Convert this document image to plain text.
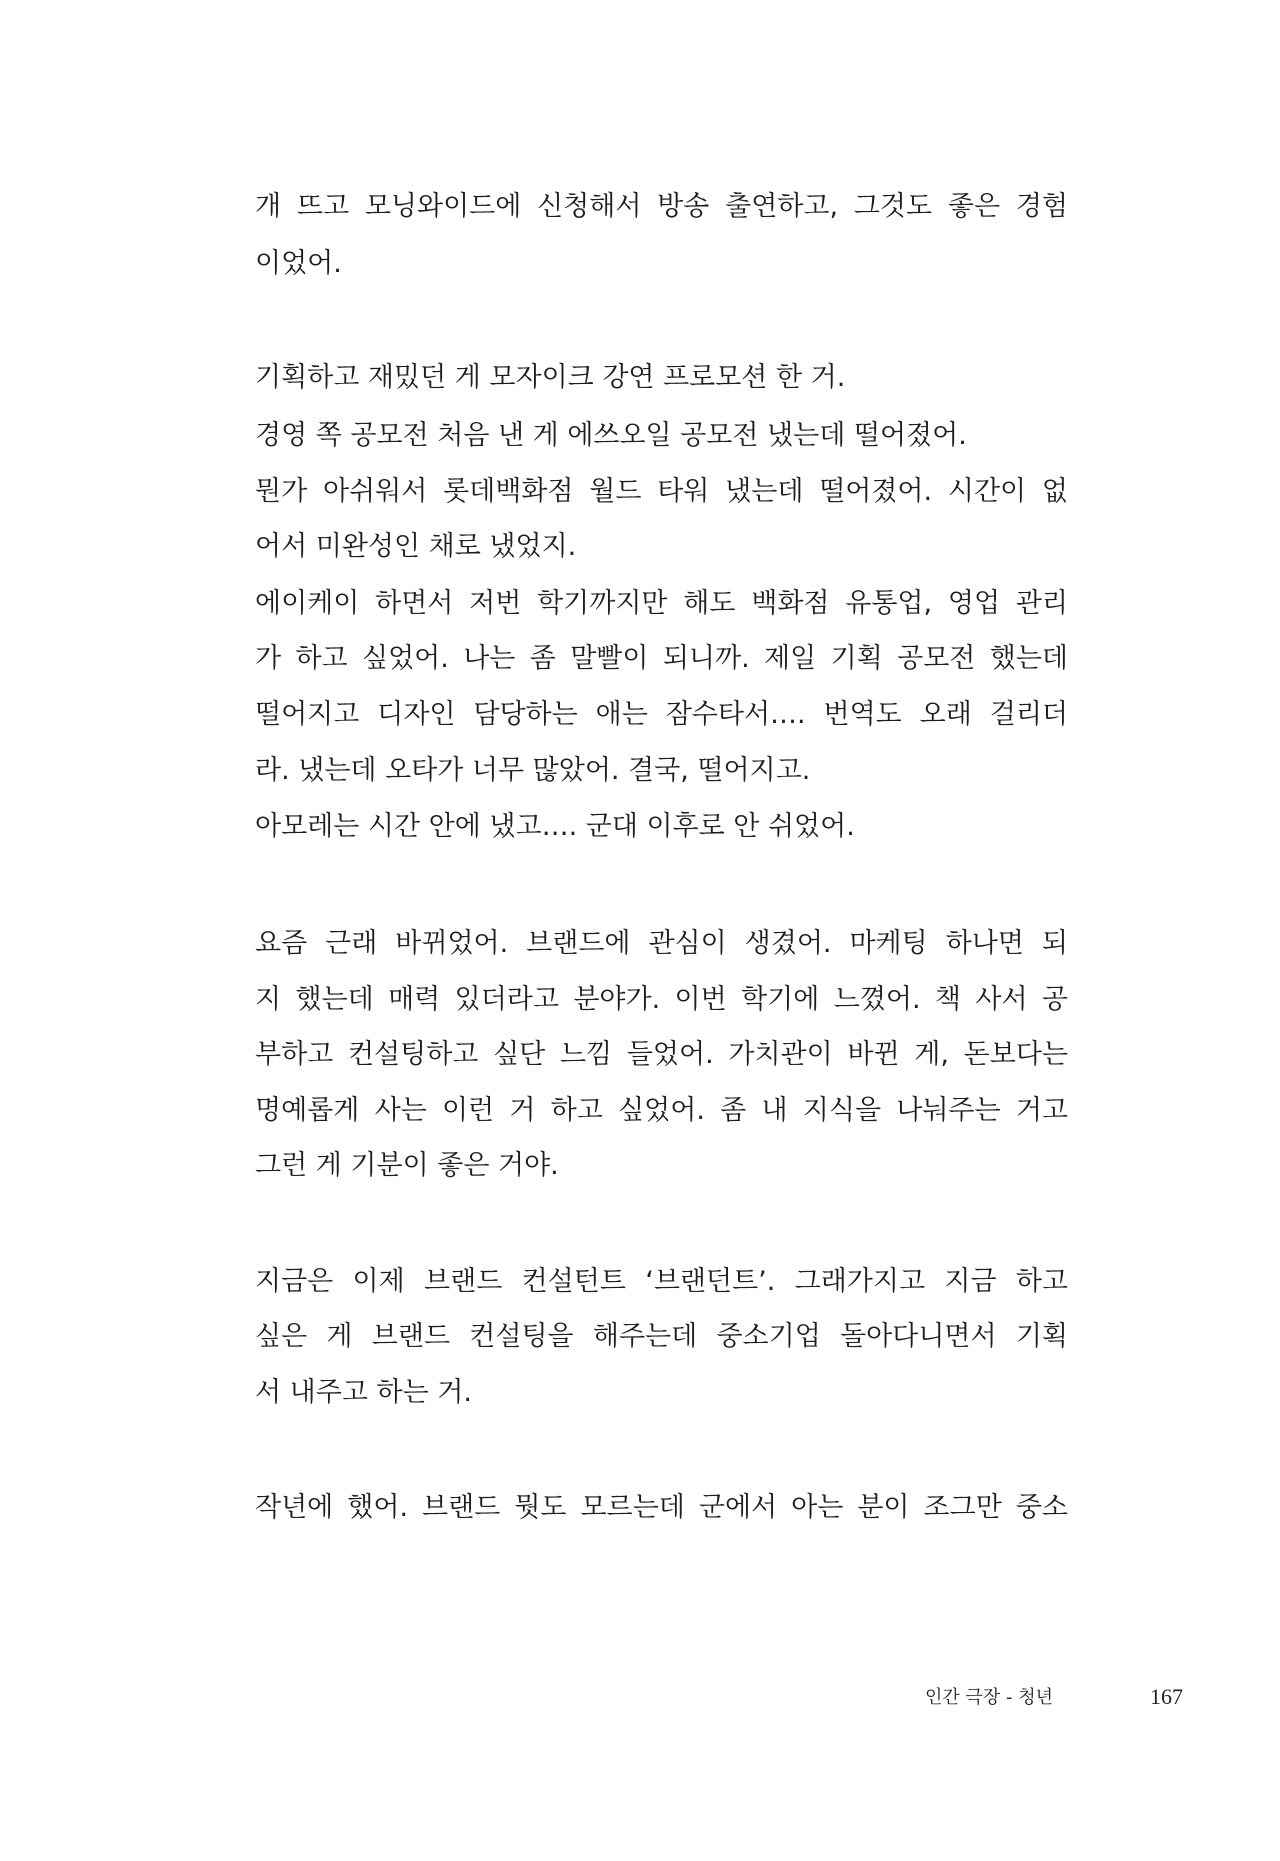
개 뜨고 모닝와이드에 신청해서 방송 출연하고, 그것도 좋은 경험
이었어.
기획하고 재밌던 게 모자이크 강연 프로모션 한 거.
경영 쪽 공모전 처음 낸 게 에쓰오일 공모전 냈는데 떨어졌어.
뭔가 아쉬워서 롯데백화점 월드 타워 냈는데 떨어졌어. 시간이 없
어서 미완성인 채로 냈었지.
에이케이 하면서 저번 학기까지만 해도 백화점 유통업, 영업 관리
가 하고 싶었어. 나는 좀 말빨이 되니까. 제일 기획 공모전 했는데
떨어지고 디자인 담당하는 애는 잠수타서…. 번역도 오래 걸리더
라. 냈는데 오타가 너무 많았어. 결국, 떨어지고.
아모레는 시간 안에 냈고…. 군대 이후로 안 쉬었어.
요즘 근래 바뀌었어. 브랜드에 관심이 생겼어. 마케팅 하나면 되
지 했는데 매력 있더라고 분야가. 이번 학기에 느꼈어. 책 사서 공
부하고 컨설팅하고 싶단 느낌 들었어. 가치관이 바뀐 게, 돈보다는
명예롭게 사는 이런 거 하고 싶었어. 좀 내 지식을 나눠주는 거고
그런 게 기분이 좋은 거야.
지금은 이제 브랜드 컨설턴트 ‘브랜던트’. 그래가지고 지금 하고
싶은 게 브랜드 컨설팅을 해주는데 중소기업 돌아다니면서 기획
서 내주고 하는 거.
작년에 했어. 브랜드 뭣도 모르는데 군에서 아는 분이 조그만 중소
인간 극장 - 청년	167
